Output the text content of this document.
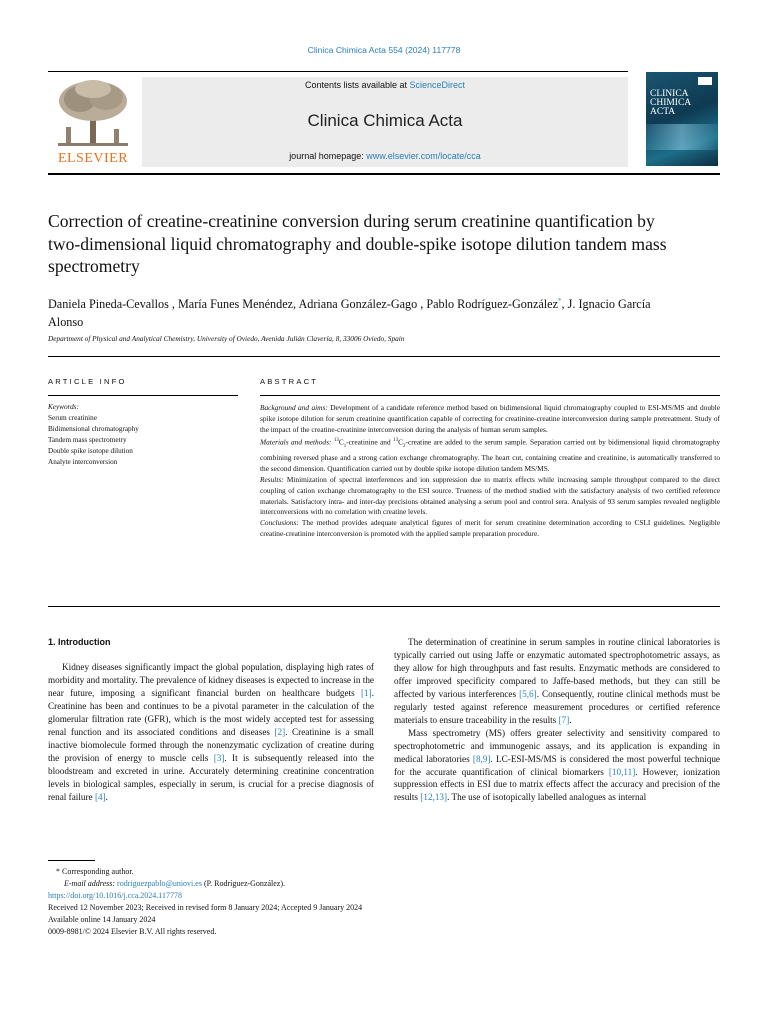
Clinica Chimica Acta 554 (2024) 117778
ELSEVIER
Contents lists available at ScienceDirect
Clinica Chimica Acta
journal homepage: www.elsevier.com/locate/cca
CLINICA
CHIMICA
ACTA
Correction of creatine-creatinine conversion during serum creatinine quantification by two-dimensional liquid chromatography and double-spike isotope dilution tandem mass spectrometry
Daniela Pineda-Cevallos , María Funes Menéndez, Adriana González-Gago , Pablo Rodríguez-González*, J. Ignacio García Alonso
Department of Physical and Analytical Chemistry, University of Oviedo, Avenida Julián Clavería, 8, 33006 Oviedo, Spain
ARTICLE INFO	ABSTRACT
Keywords:
Serum creatinine
Bidimensional chromatography
Tandem mass spectrometry
Double spike isotope dilution
Analyte interconversion

Background and aims: Development of a candidate reference method based on bidimensional liquid chromatography coupled to ESI-MS/MS and double spike isotope dilution for serum creatinine quantification capable of correcting for creatinine-creatine interconversion during sample pretreatment. Study of the impact of the creatine-creatinine interconversion during the analysis of human serum samples.

Materials and methods: $^{13}C_1$-creatinine and $^{13}C_2$-creatine are added to the serum sample. Separation carried out by bidimensional liquid chromatography combining reversed phase and a strong cation exchange chromatography. The heart cut, containing creatine and creatinine, is automatically transferred to the second dimension. Quantification carried out by double spike isotope dilution tandem MS/MS.

Results: Minimization of spectral interferences and ion suppression due to matrix effects while increasing sample throughput compared to the direct coupling of cation exchange chromatography to the ESI source. Trueness of the method studied with the satisfactory analysis of two certified reference materials. Satisfactory intra- and inter-day precisions obtained analysing a serum pool and control sera. Analysis of 93 serum samples revealed negligible interconversions with no correlation with creatine levels.

Conclusions: The method provides adequate analytical figures of merit for serum creatinine determination according to CSLI guidelines. Negligible creatine-creatinine interconversion is promoted with the applied sample preparation procedure.

1. Introduction

Kidney diseases significantly impact the global population, displaying high rates of morbidity and mortality. The prevalence of kidney diseases is expected to increase in the near future, imposing a significant financial burden on healthcare budgets [1]. Creatinine has been and continues to be a pivotal parameter in the calculation of the glomerular filtration rate (GFR), which is the most widely accepted test for assessing renal function and its associated conditions and diseases [2]. Creatinine is a small inactive biomolecule formed through the nonenzymatic cyclization of creatine during the provision of energy to muscle cells [3]. It is subsequently released into the bloodstream and excreted in urine. Accurately determining creatinine concentration levels in biological samples, especially in serum, is crucial for a precise diagnosis of renal failure [4].

The determination of creatinine in serum samples in routine clinical laboratories is typically carried out using Jaffe or enzymatic automated spectrophotometric assays, as they allow for high throughputs and fast results. Enzymatic methods are considered to offer improved specificity compared to Jaffe-based methods, but they can still be affected by various interferences [5,6]. Consequently, routine clinical methods must be regularly tested against reference measurement procedures or certified reference materials to ensure traceability in the results [7].

Mass spectrometry (MS) offers greater selectivity and sensitivity compared to spectrophotometric and immunogenic assays, and its application is expanding in medical laboratories [8,9]. LC-ESI-MS/MS is considered the most powerful technique for the accurate quantification of clinical biomarkers [10,11]. However, ionization suppression effects in ESI due to matrix effects affect the accuracy and precision of the results [12,13]. The use of isotopically labelled analogues as internal

* Corresponding author.
E-mail address: rodriguezpablo@uniovi.es (P. Rodríguez-González).
https://doi.org/10.1016/j.cca.2024.117778
Received 12 November 2023; Received in revised form 8 January 2024; Accepted 9 January 2024
Available online 14 January 2024
0009-8981/© 2024 Elsevier B.V. All rights reserved.
